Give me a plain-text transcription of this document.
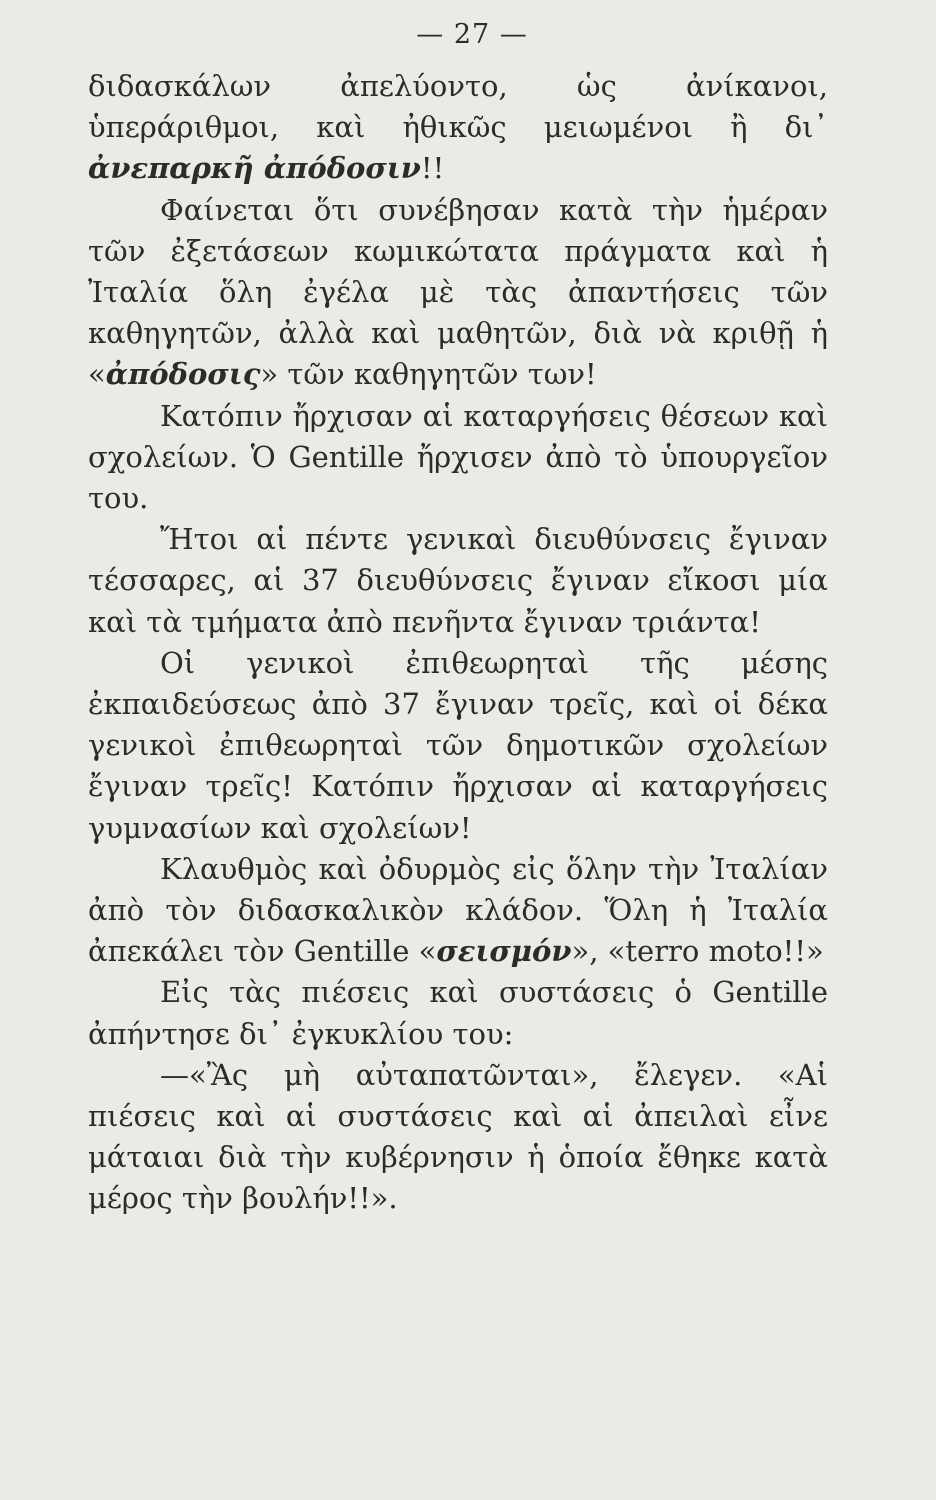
— 27 —

διδασκάλων ἀπελύοντο, ὡς ἀνίκανοι, ὑπεράριθμοι, καὶ ἠθικῶς μειωμένοι ἢ δι᾽ ἀνεπαρκῆ ἀπόδοσιν!!

Φαίνεται ὅτι συνέβησαν κατὰ τὴν ἡμέραν τῶν ἐξετάσεων κωμικώτατα πράγματα καὶ ἡ Ἰταλία ὅλη ἐγέλα μὲ τὰς ἀπαντήσεις τῶν καθηγητῶν, ἀλλὰ καὶ μαθητῶν, διὰ νὰ κριθῇ ἡ «ἀπόδοσις» τῶν καθηγητῶν των!

Κατόπιν ἤρχισαν αἱ καταργήσεις θέσεων καὶ σχολείων. Ὁ Gentille ἤρχισεν ἀπὸ τὸ ὑπουργεῖον του.

Ἤτοι αἱ πέντε γενικαὶ διευθύνσεις ἔγιναν τέσσαρες, αἱ 37 διευθύνσεις ἔγιναν εἴκοσι μία καὶ τὰ τμήματα ἀπὸ πενῆντα ἔγιναν τριάντα!

Οἱ γενικοὶ ἐπιθεωρηταὶ τῆς μέσης ἐκπαιδεύσεως ἀπὸ 37 ἔγιναν τρεῖς, καὶ οἱ δέκα γενικοὶ ἐπιθεωρηταὶ τῶν δημοτικῶν σχολείων ἔγιναν τρεῖς! Κατόπιν ἤρχισαν αἱ καταργήσεις γυμνασίων καὶ σχολείων!

Κλαυθμὸς καὶ ὀδυρμὸς εἰς ὅλην τὴν Ἰταλίαν ἀπὸ τὸν διδασκαλικὸν κλάδον. Ὅλη ἡ Ἰταλία ἀπεκάλει τὸν Gentille «σεισμόν», «terro moto!!»

Εἰς τὰς πιέσεις καὶ συστάσεις ὁ Gentille ἀπήντησε δι᾽ ἐγκυκλίου του:

—«Ἂς μὴ αὐταπατῶνται», ἔλεγεν. «Αἱ πιέσεις καὶ αἱ συστάσεις καὶ αἱ ἀπειλαὶ εἶνε μάταιαι διὰ τὴν κυβέρνησιν ἡ ὁποία ἔθηκε κατὰ μέρος τὴν βουλήν!!».
